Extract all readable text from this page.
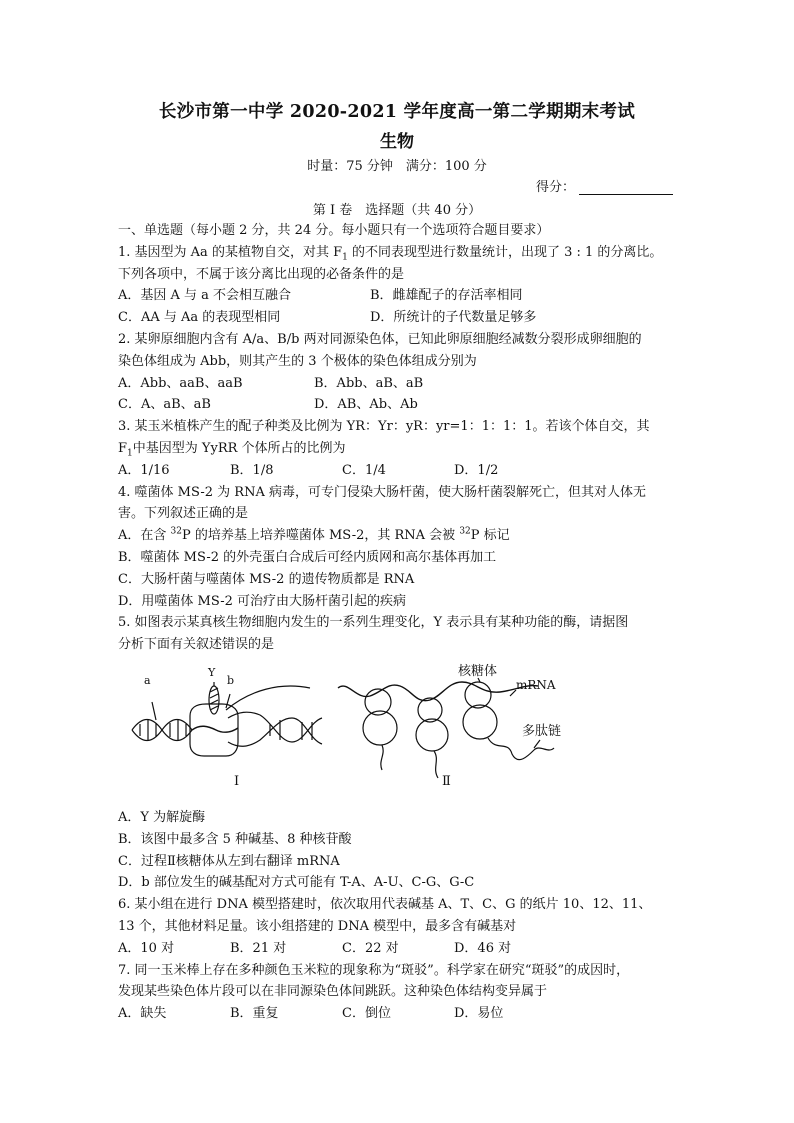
长沙市第一中学 2020-2021 学年度高一第二学期期末考试
生物
时量：75 分钟　满分：100 分
得分：
第 I 卷　选择题（共 40 分）
一、单选题（每小题 2 分，共 24 分。每小题只有一个选项符合题目要求）
1. 基因型为 Aa 的某植物自交，对其 $F_1$ 的不同表现型进行数量统计，出现了 3 : 1 的分离比。
下列各项中，不属于该分离比出现的必备条件的是
A．基因 A 与 a 不会相互融合	B．雌雄配子的存活率相同
C．AA 与 Aa 的表现型相同	D．所统计的子代数量足够多
2. 某卵原细胞内含有 A/a、B/b 两对同源染色体，已知此卵原细胞经减数分裂形成卵细胞的
染色体组成为 Abb，则其产生的 3 个极体的染色体组成分别为
A．Abb、aaB、aaB	B．Abb、aB、aB
C．A、aB、aB	D．AB、Ab、Ab
3. 某玉米植株产生的配子种类及比例为 YR：Yr：yR：yr=1：1：1：1。若该个体自交，其
$F_1$中基因型为 YyRR 个体所占的比例为
A．1/16	B．1/8	C．1/4	D．1/2
4. 噬菌体 MS-2 为 RNA 病毒，可专门侵染大肠杆菌，使大肠杆菌裂解死亡，但其对人体无
害。下列叙述正确的是
A．在含 $^{32}$P 的培养基上培养噬菌体 MS-2，其 RNA 会被 $^{32}$P 标记
B．噬菌体 MS-2 的外壳蛋白合成后可经内质网和高尔基体再加工
C．大肠杆菌与噬菌体 MS-2 的遗传物质都是 RNA
D．用噬菌体 MS-2 可治疗由大肠杆菌引起的疾病
5. 如图表示某真核生物细胞内发生的一系列生理变化，Y 表示具有某种功能的酶，请据图
分析下面有关叙述错误的是
a
Y
b
核糖体
mRNA
多肽链
I	Ⅱ
A．Y 为解旋酶
B．该图中最多含 5 种碱基、8 种核苷酸
C．过程Ⅱ核糖体从左到右翻译 mRNA
D．b 部位发生的碱基配对方式可能有 T-A、A-U、C-G、G-C
6. 某小组在进行 DNA 模型搭建时，依次取用代表碱基 A、T、C、G 的纸片 10、12、11、
13 个，其他材料足量。该小组搭建的 DNA 模型中，最多含有碱基对
A．10 对	B．21 对	C．22 对	D．46 对
7. 同一玉米棒上存在多种颜色玉米粒的现象称为“斑驳”。科学家在研究“斑驳”的成因时，
发现某些染色体片段可以在非同源染色体间跳跃。这种染色体结构变异属于
A．缺失	B．重复	C．倒位	D．易位
